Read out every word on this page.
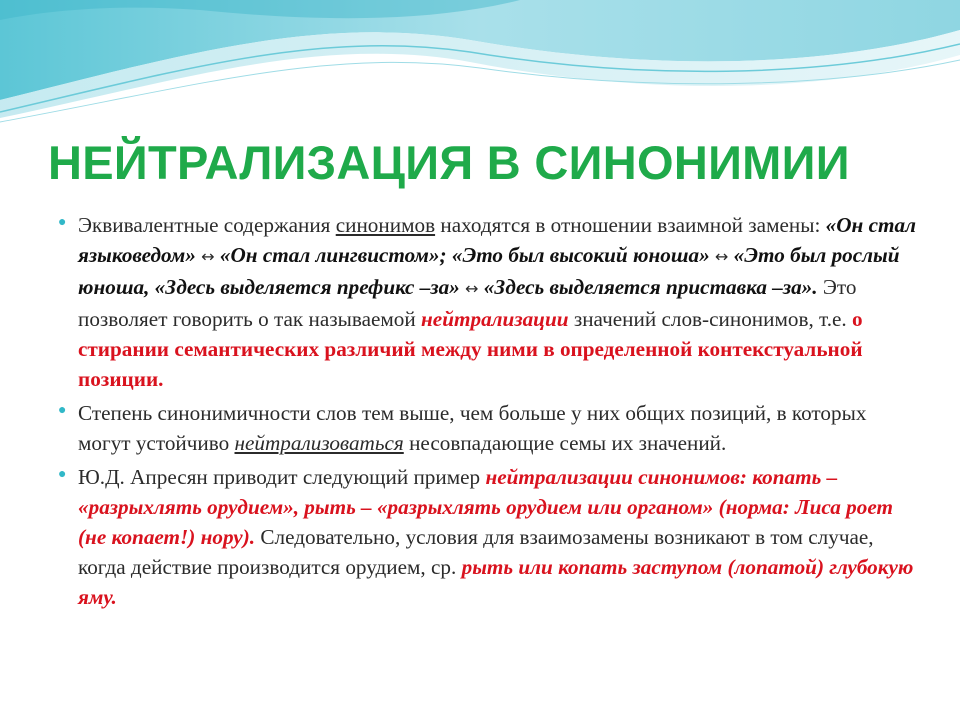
НЕЙТРАЛИЗАЦИЯ В СИНОНИМИИ

● Эквивалентные содержания синонимов находятся в отношении взаимной замены: «Он стал языковедом» ↔ «Он стал лингвистом»; «Это был высокий юноша» ↔ «Это был рослый юноша, «Здесь выделяется префикс –за» ↔ «Здесь выделяется приставка –за». Это позволяет говорить о так называемой нейтрализации значений слов-синонимов, т.е. о стирании семантических различий между ними в определенной контекстуальной позиции.

● Степень синонимичности слов тем выше, чем больше у них общих позиций, в которых могут устойчиво нейтрализоваться несовпадающие семы их значений.

● Ю.Д. Апресян приводит следующий пример нейтрализации синонимов: копать – «разрыхлять орудием», рыть – «разрыхлять орудием или органом» (норма: Лиса роет (не копает!) нору). Следовательно, условия для взаимозамены возникают в том случае, когда действие производится орудием, ср. рыть или копать заступом (лопатой) глубокую яму.
